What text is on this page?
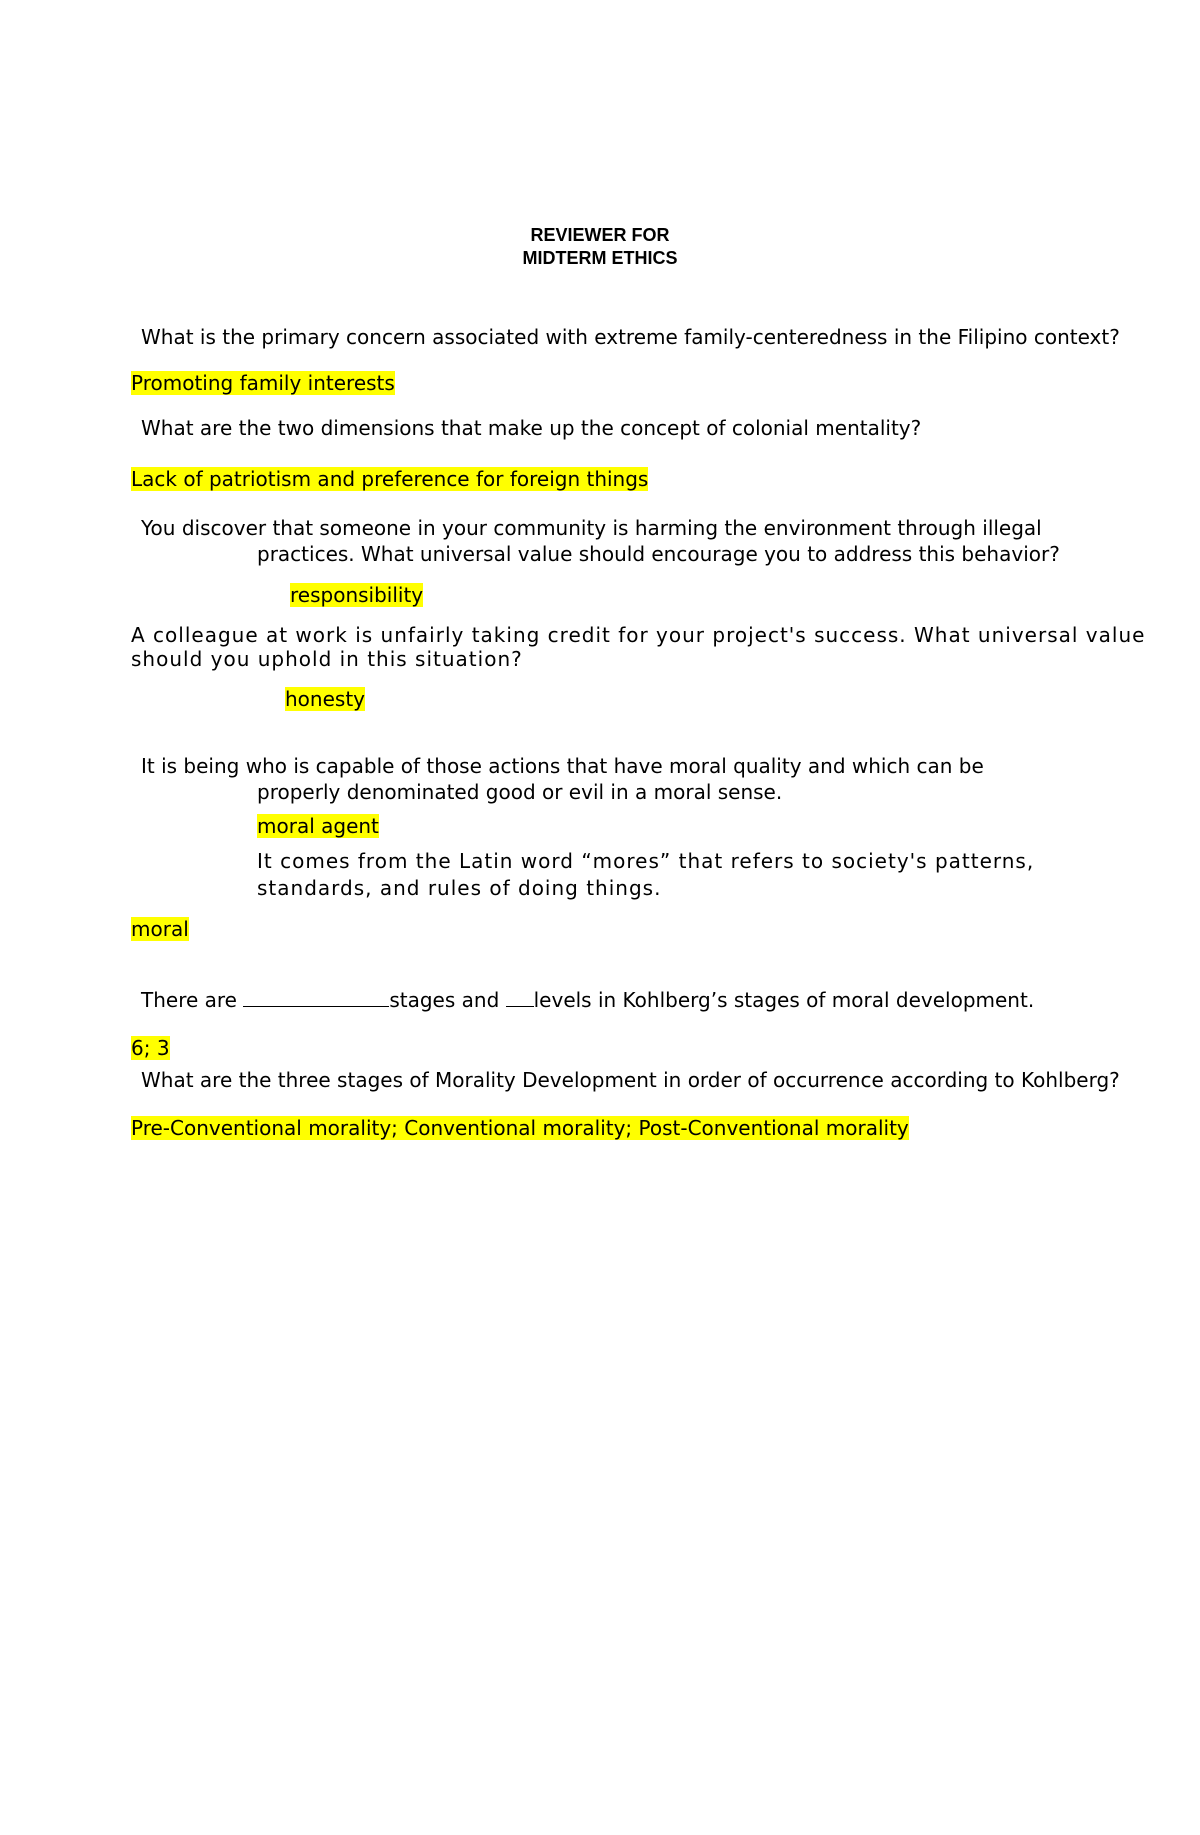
REVIEWER FOR
MIDTERM ETHICS
What is the primary concern associated with extreme family-centeredness in the Filipino context?
Promoting family interests
What are the two dimensions that make up the concept of colonial mentality?
Lack of patriotism and preference for foreign things
You discover that someone in your community is harming the environment through illegal
practices. What universal value should encourage you to address this behavior?
responsibility
A colleague at work is unfairly taking credit for your project's success. What universal value
should you uphold in this situation?
honesty
It is being who is capable of those actions that have moral quality and which can be
properly denominated good or evil in a moral sense.
moral agent
It comes from the Latin word “mores” that refers to society's patterns,
standards, and rules of doing things.
moral
There are	stages and levels in Kohlberg’s stages of moral development.
6; 3
What are the three stages of Morality Development in order of occurrence according to Kohlberg?
Pre-Conventional morality; Conventional morality; Post-Conventional morality
